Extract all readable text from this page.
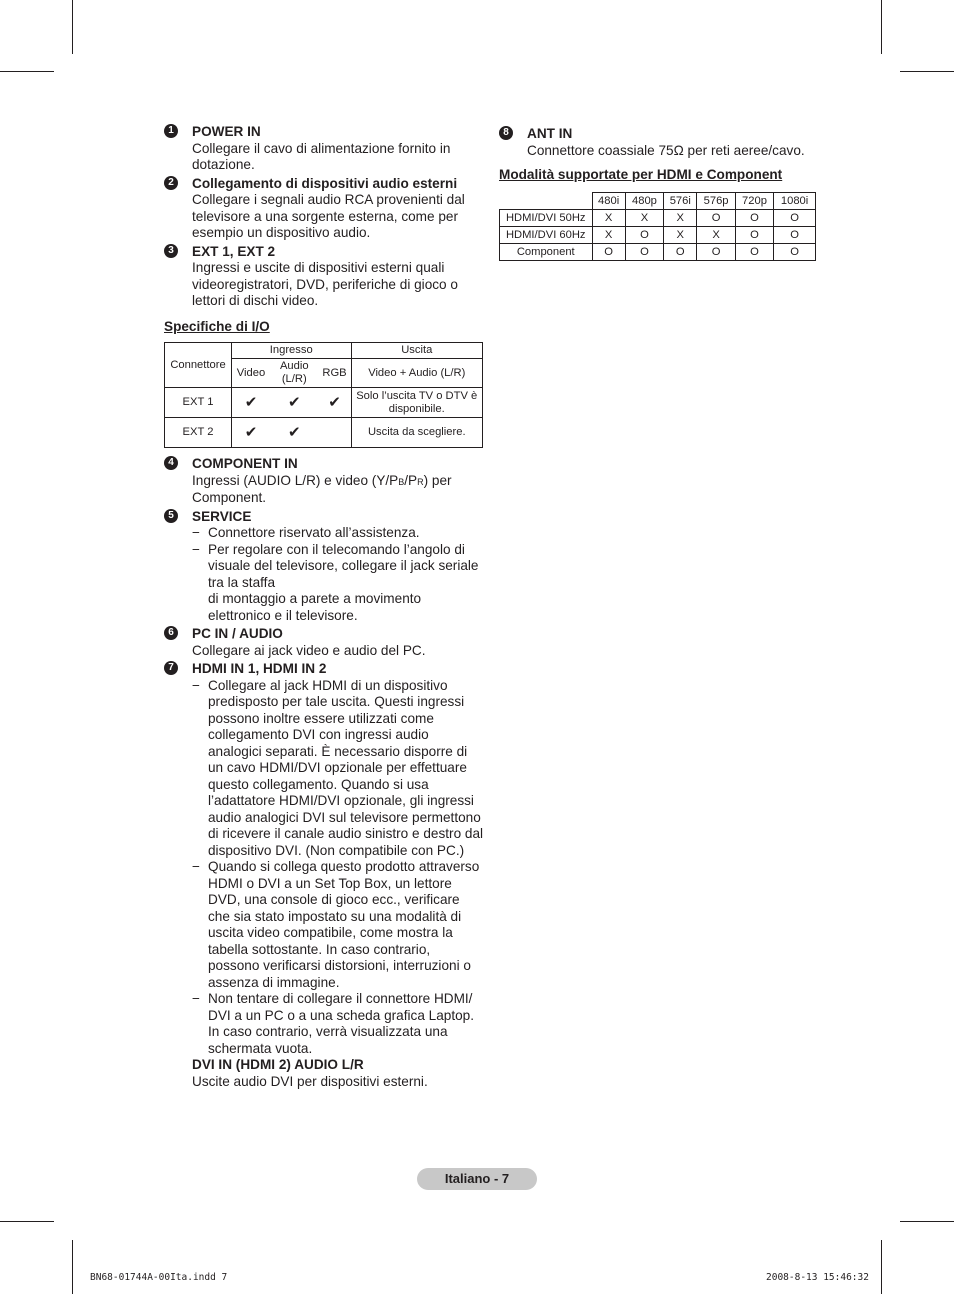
1	POWER IN
Collegare il cavo di alimentazione fornito in dotazione.
2	Collegamento di dispositivi audio esterni
Collegare i segnali audio RCA provenienti dal televisore a una sorgente esterna, come per esempio un dispositivo audio.
3	EXT 1, EXT 2
Ingressi e uscite di dispositivi esterni quali videoregistratori, DVD, periferiche di gioco o lettori di dischi video.
Specifiche di I/O
Connettore	Ingresso			Uscita
	Video	Audio (L/R)	RGB	Video + Audio (L/R)
EXT 1	✔	✔	✔	Solo l’uscita TV o DTV è disponibile.
EXT 2	✔	✔		Uscita da scegliere.
4	COMPONENT IN
Ingressi (AUDIO L/R) e video (Y/PB/PR) per Component.
5	SERVICE
− Connettore riservato all’assistenza.
− Per regolare con il telecomando l’angolo di visuale del televisore, collegare il jack seriale tra la staffa
di montaggio a parete a movimento elettronico e il televisore.
6	PC IN / AUDIO
Collegare ai jack video e audio del PC.
7	HDMI IN 1, HDMI IN 2
− Collegare al jack HDMI di un dispositivo predisposto per tale uscita. Questi ingressi possono inoltre essere utilizzati come collegamento DVI con ingressi audio analogici separati. È necessario disporre di un cavo HDMI/DVI opzionale per effettuare questo collegamento. Quando si usa l’adattatore HDMI/DVI opzionale, gli ingressi audio analogici DVI sul televisore permettono di ricevere il canale audio sinistro e destro dal dispositivo DVI. (Non compatibile con PC.)
− Quando si collega questo prodotto attraverso HDMI o DVI a un Set Top Box, un lettore DVD, una console di gioco ecc., verificare che sia stato impostato su una modalità di uscita video compatibile, come mostra la tabella sottostante. In caso contrario, possono verificarsi distorsioni, interruzioni o assenza di immagine.
− Non tentare di collegare il connettore HDMI/ DVI a un PC o a una scheda grafica Laptop. In caso contrario, verrà visualizzata una schermata vuota.
DVI IN (HDMI 2) AUDIO L/R
Uscite audio DVI per dispositivi esterni.
8	ANT IN
Connettore coassiale 75Ω per reti aeree/cavo.
Modalità supportate per HDMI e Component
	480i	480p	576i	576p	720p	1080i
HDMI/DVI 50Hz	X	X	X	O	O	O
HDMI/DVI 60Hz	X	O	X	X	O	O
Component	O	O	O	O	O	O
Italiano - 7
BN68-01744A-00Ita.indd 7	2008-8-13 15:46:32
